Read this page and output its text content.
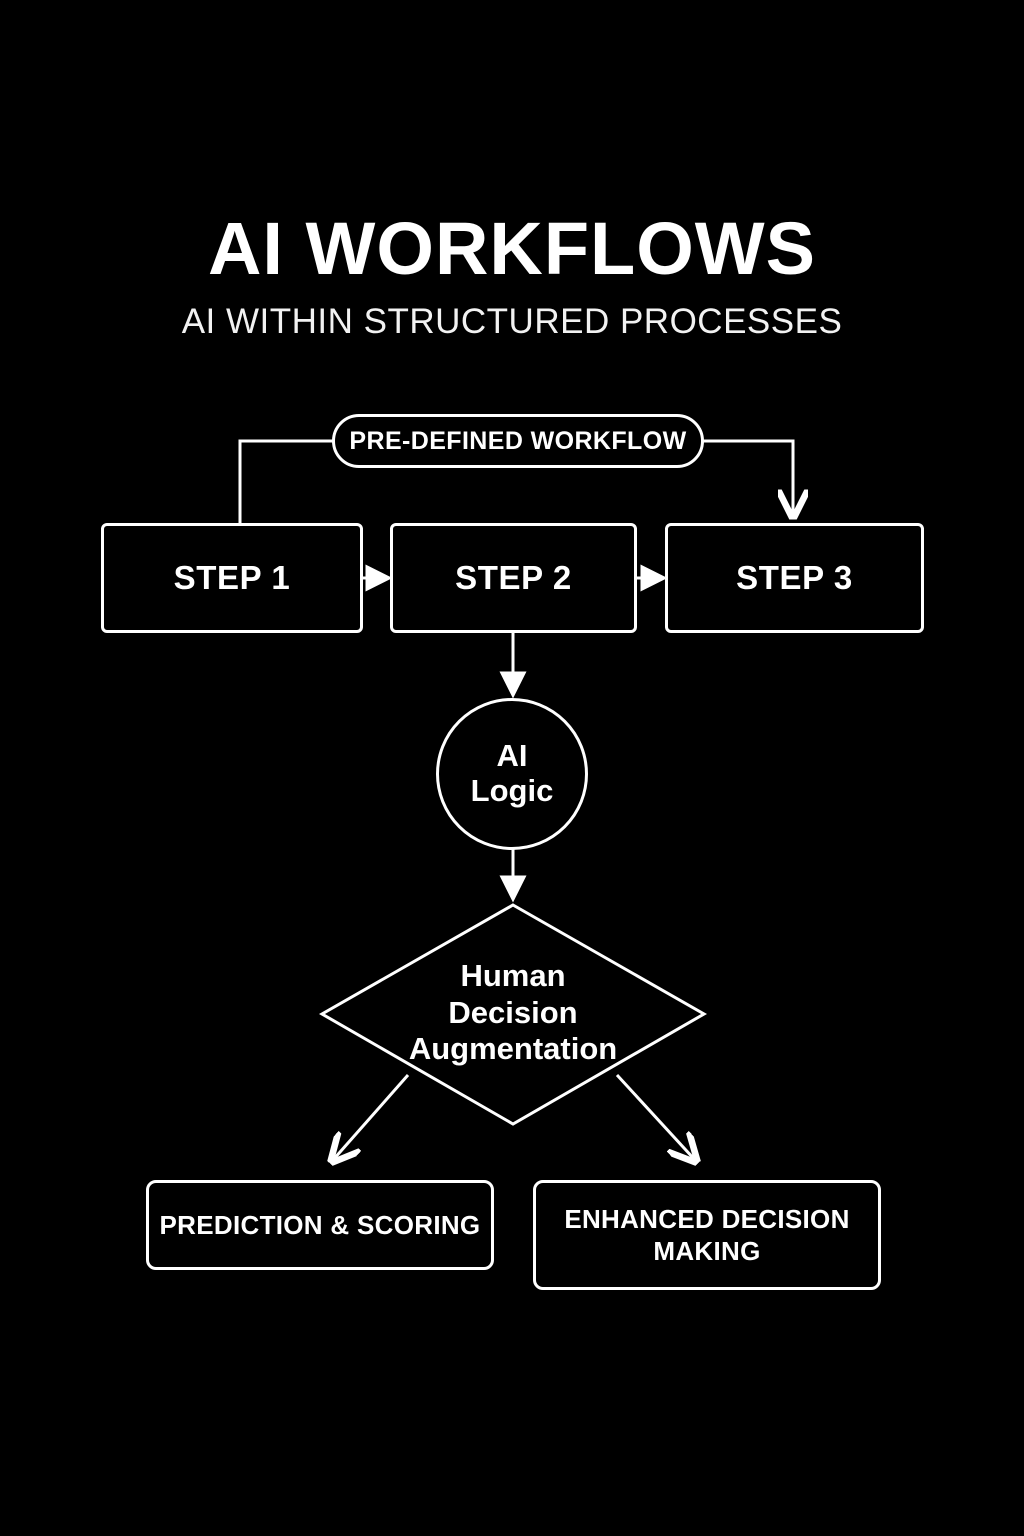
AI WORKFLOWS
AI WITHIN STRUCTURED PROCESSES
PRE-DEFINED WORKFLOW
STEP 1	STEP 2	STEP 3
AI
Logic
Human
Decision
Augmentation
PREDICTION & SCORING	ENHANCED DECISION MAKING
